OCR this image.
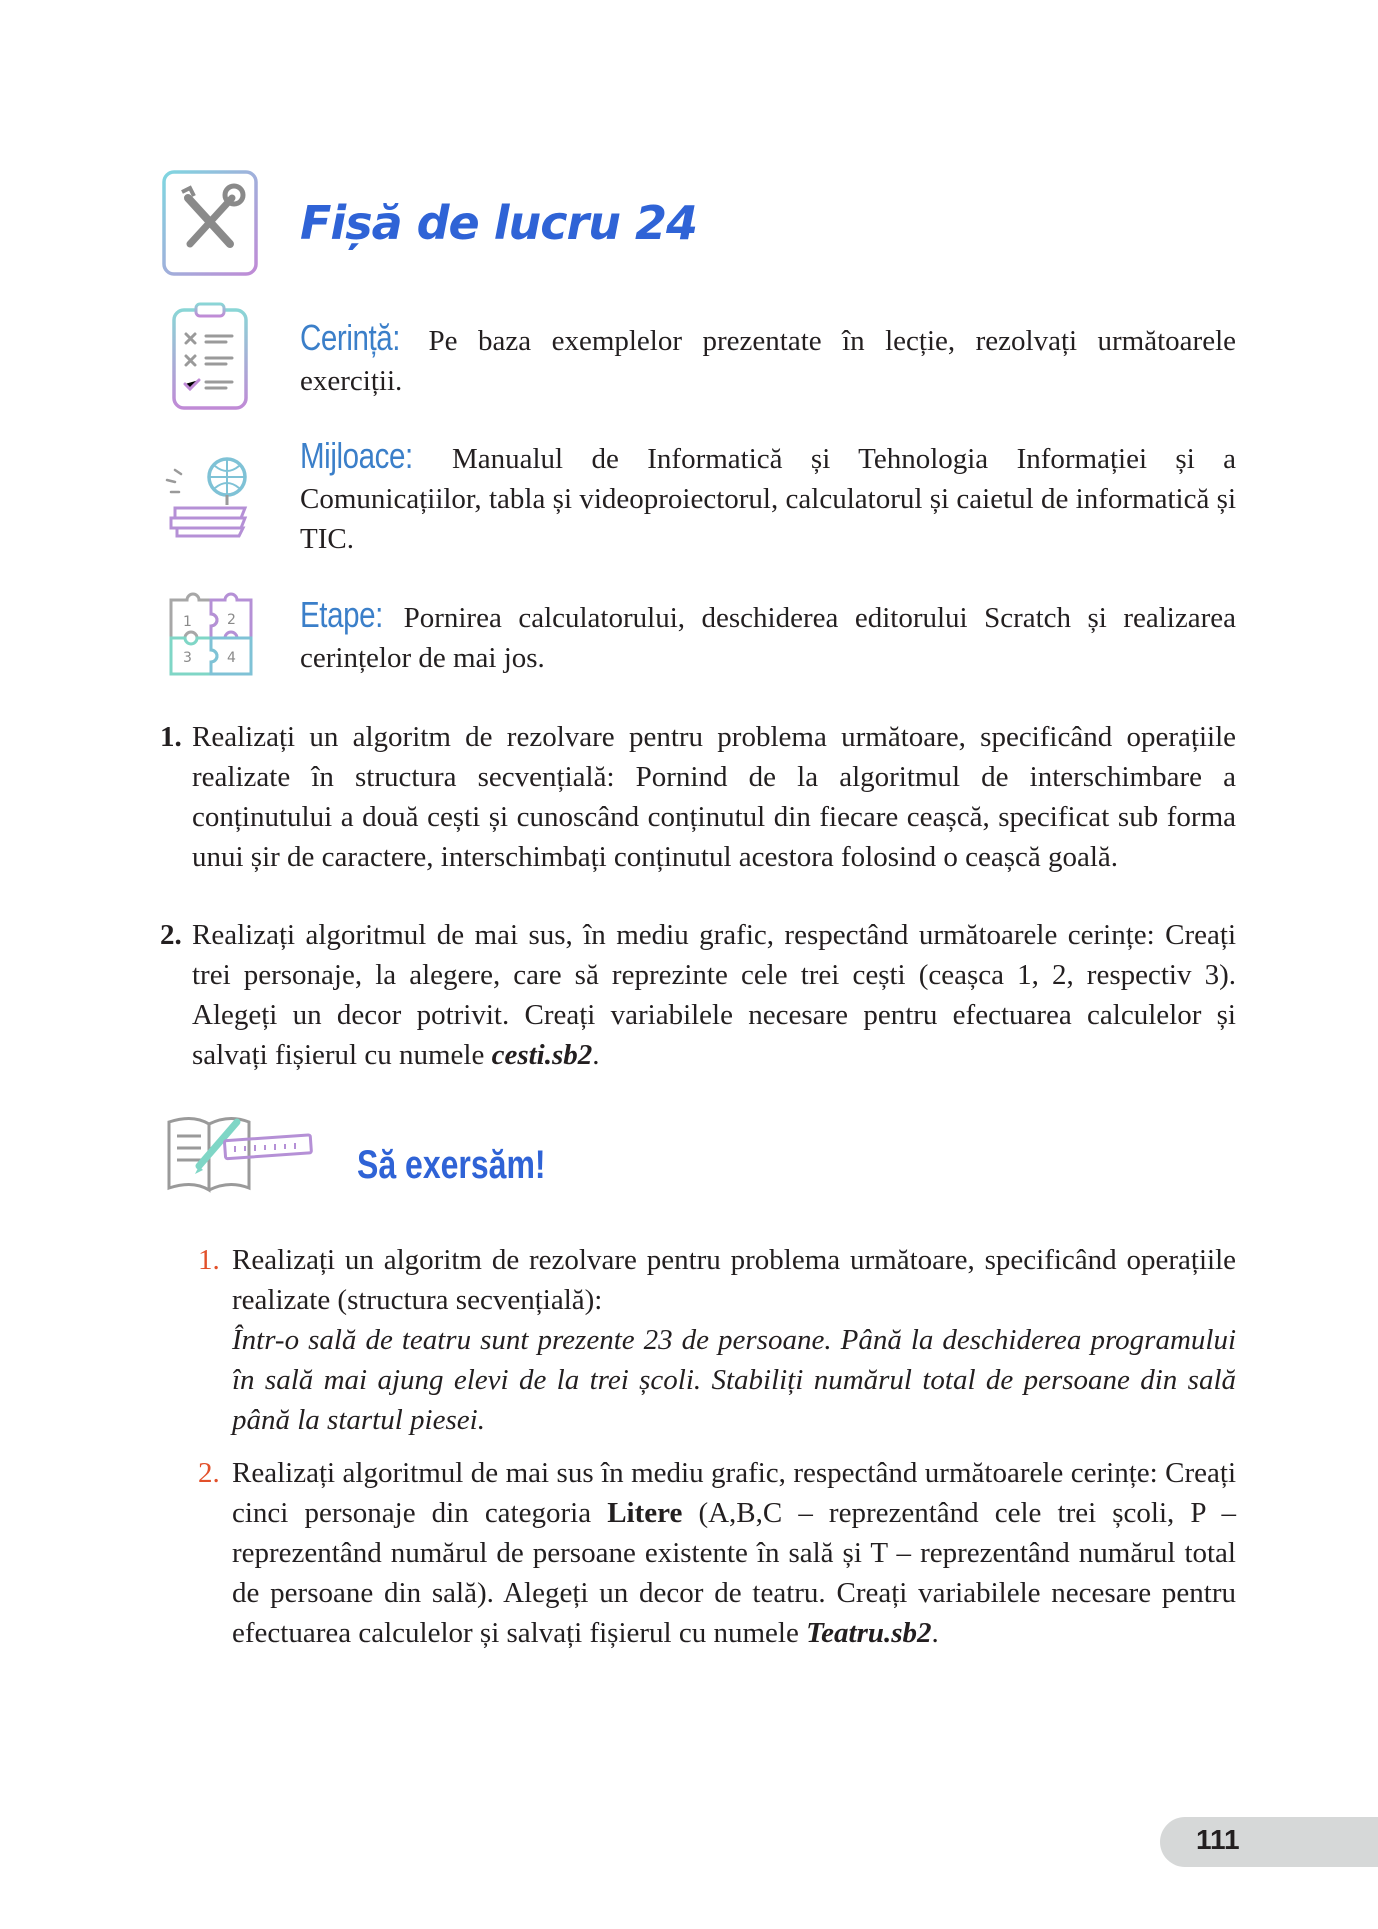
1	2
3	4
Fișă de lucru 24
Cerință: Pe baza exemplelor prezentate în lecție, rezolvați următoarele exerciții.
Mijloace: Manualul de Informatică și Tehnologia Informației și a Comunicațiilor, tabla și videoproiectorul, calculatorul și caietul de informatică și TIC.
Etape: Pornirea calculatorului, deschiderea editorului Scratch și realizarea cerințelor de mai jos.
1. Realizați un algoritm de rezolvare pentru problema următoare, specificând operațiile realizate în structura secvențială: Pornind de la algoritmul de interschimbare a conținutului a două cești și cunoscând conținutul din fiecare ceașcă, specificat sub forma unui șir de caractere, interschimbați conținutul acestora folosind o ceașcă goală.
2. Realizați algoritmul de mai sus, în mediu grafic, respectând următoarele cerințe: Creați trei personaje, la alegere, care să reprezinte cele trei cești (ceașca 1, 2, respectiv 3). Alegeți un decor potrivit. Creați variabilele necesare pentru efectuarea calculelor și salvați fișierul cu numele cesti.sb2.
Să exersăm!
1. Realizați un algoritm de rezolvare pentru problema următoare, specificând operațiile realizate (structura secvențială):
Într-o sală de teatru sunt prezente 23 de persoane. Până la deschiderea programului în sală mai ajung elevi de la trei școli. Stabiliți numărul total de persoane din sală până la startul piesei.
2. Realizați algoritmul de mai sus în mediu grafic, respectând următoarele cerințe: Creați cinci personaje din categoria Litere (A,B,C – reprezentând cele trei școli, P – reprezentând numărul de persoane existente în sală și T – reprezentând numărul total de persoane din sală). Alegeți un decor de teatru. Creați variabilele necesare pentru efectuarea calculelor și salvați fișierul cu numele Teatru.sb2.
111
